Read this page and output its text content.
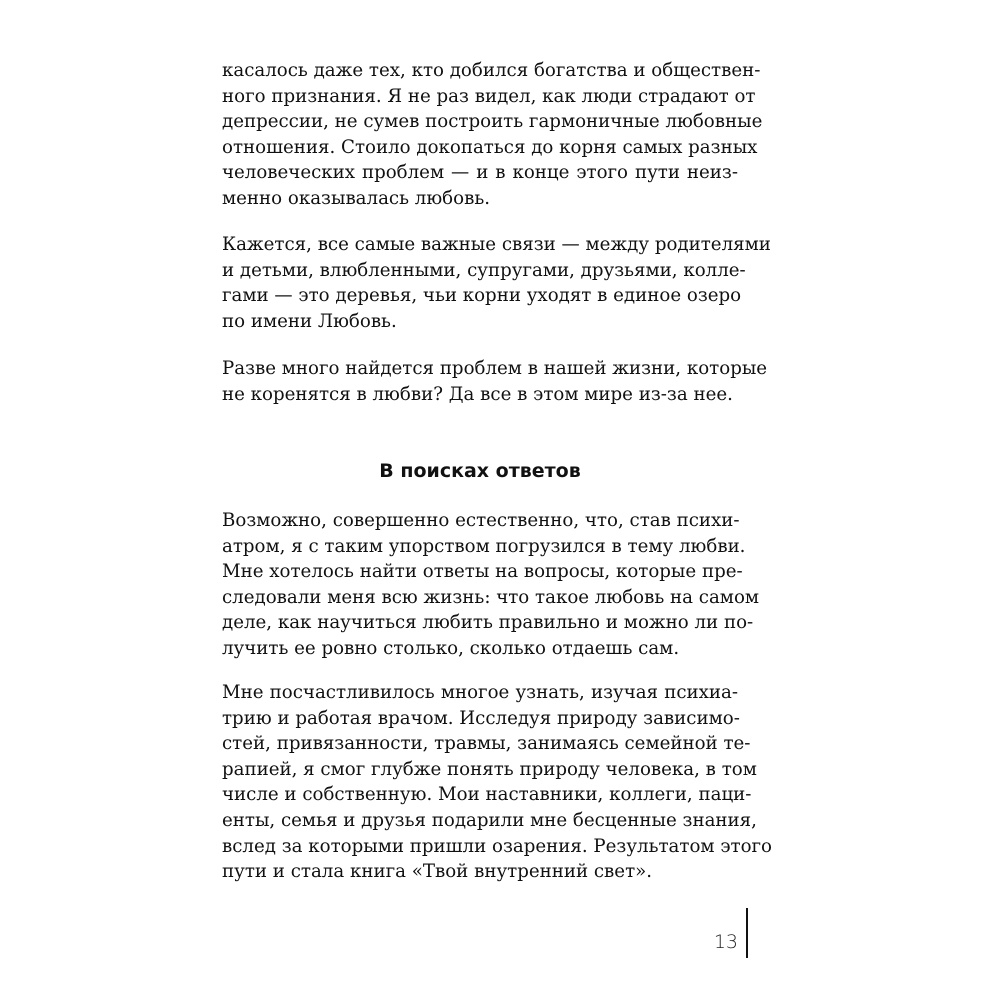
касалось даже тех, кто добился богатства и обществен-
ного признания. Я не раз видел, как люди страдают от
депрессии, не сумев построить гармоничные любовные
отношения. Стоило докопаться до корня самых разных
человеческих проблем — и в конце этого пути неиз-
менно оказывалась любовь.
Кажется, все самые важные связи — между родителями
и детьми, влюбленными, супругами, друзьями, колле-
гами — это деревья, чьи корни уходят в единое озеро
по имени Любовь.
Разве много найдется проблем в нашей жизни, которые
не коренятся в любви? Да все в этом мире из-за нее.
В поисках ответов
Возможно, совершенно естественно, что, став психи-
атром, я с таким упорством погрузился в тему любви.
Мне хотелось найти ответы на вопросы, которые пре-
следовали меня всю жизнь: что такое любовь на самом
деле, как научиться любить правильно и можно ли по-
лучить ее ровно столько, сколько отдаешь сам.
Мне посчастливилось многое узнать, изучая психиа-
трию и работая врачом. Исследуя природу зависимо-
стей, привязанности, травмы, занимаясь семейной те-
рапией, я смог глубже понять природу человека, в том
числе и собственную. Мои наставники, коллеги, паци-
енты, семья и друзья подарили мне бесценные знания,
вслед за которыми пришли озарения. Результатом этого
пути и стала книга «Твой внутренний свет».
13
